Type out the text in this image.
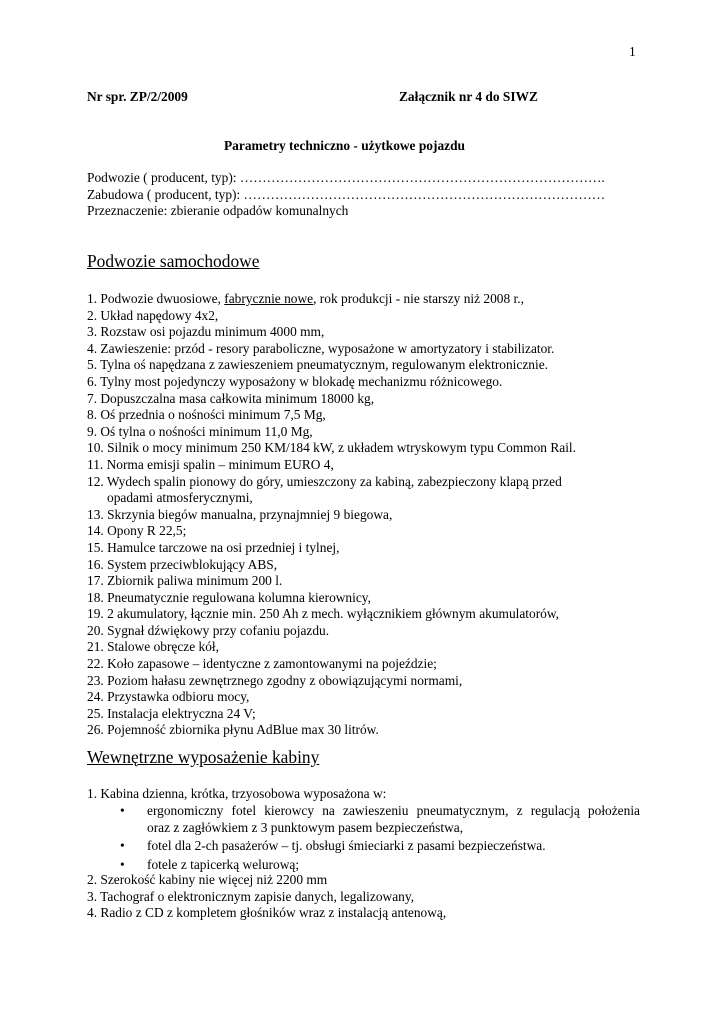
1
Nr spr. ZP/2/2009	Załącznik nr 4 do SIWZ
Parametry techniczno - użytkowe pojazdu
Podwozie ( producent, typ): ……………………………………………………………………….
Zabudowa ( producent, typ): ………………………………………………………………………
Przeznaczenie: zbieranie odpadów komunalnych
Podwozie samochodowe
1. Podwozie dwuosiowe, fabrycznie nowe, rok produkcji - nie starszy niż 2008 r.,
2. Układ napędowy 4x2,
3. Rozstaw osi pojazdu minimum 4000 mm,
4. Zawieszenie: przód - resory paraboliczne, wyposażone w amortyzatory i stabilizator.
5. Tylna oś napędzana z zawieszeniem pneumatycznym, regulowanym elektronicznie.
6. Tylny most pojedynczy wyposażony w blokadę mechanizmu różnicowego.
7. Dopuszczalna masa całkowita minimum 18000 kg,
8. Oś przednia o nośności minimum 7,5 Mg,
9. Oś tylna o nośności minimum 11,0 Mg,
10. Silnik o mocy minimum 250 KM/184 kW, z układem wtryskowym typu Common Rail.
11. Norma emisji spalin – minimum EURO 4,
12. Wydech spalin pionowy do góry, umieszczony za kabiną, zabezpieczony klapą przed
opadami atmosferycznymi,
13. Skrzynia biegów manualna, przynajmniej 9 biegowa,
14. Opony R 22,5;
15. Hamulce tarczowe na osi przedniej i tylnej,
16. System przeciwblokujący ABS,
17. Zbiornik paliwa minimum 200 l.
18. Pneumatycznie regulowana kolumna kierownicy,
19. 2 akumulatory, łącznie min. 250 Ah z mech. wyłącznikiem głównym akumulatorów,
20. Sygnał dźwiękowy przy cofaniu pojazdu.
21. Stalowe obręcze kół,
22. Koło zapasowe – identyczne z zamontowanymi na pojeździe;
23. Poziom hałasu zewnętrznego zgodny z obowiązującymi normami,
24. Przystawka odbioru mocy,
25. Instalacja elektryczna 24 V;
26. Pojemność zbiornika płynu AdBlue max 30 litrów.
Wewnętrzne wyposażenie kabiny
1. Kabina dzienna, krótka, trzyosobowa wyposażona w:
• ergonomiczny fotel kierowcy na zawieszeniu pneumatycznym, z regulacją położenia
oraz z zagłówkiem z 3 punktowym pasem bezpieczeństwa,
• fotel dla 2-ch pasażerów – tj. obsługi śmieciarki z pasami bezpieczeństwa.
• fotele z tapicerką welurową;
2. Szerokość kabiny nie więcej niż 2200 mm
3. Tachograf o elektronicznym zapisie danych, legalizowany,
4. Radio z CD z kompletem głośników wraz z instalacją antenową,
